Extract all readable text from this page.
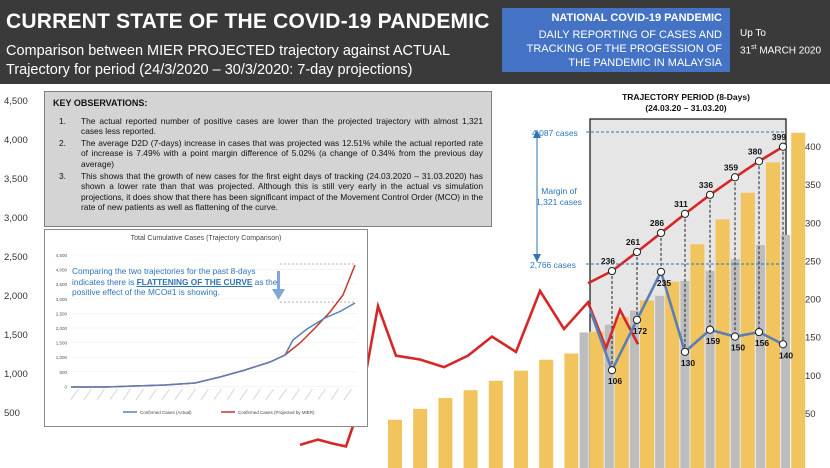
CURRENT STATE OF THE COVID-19 PANDEMIC
Comparison between MIER PROJECTED trajectory against ACTUAL
Trajectory for period (24/3/2020 – 30/3/2020: 7-day projections)
NATIONAL COVID-19 PANDEMIC
DAILY REPORTING OF CASES AND TRACKING OF THE PROGESSION OF THE PANDEMIC IN MALAYSIA
Up To
31st MARCH 2020
4,500
4,000
3,500
3,000
2,500
2,000
1,500
1,000
500
400
350
300
250
200
150
100
50
236
106
261
172
286
235
311
130
336
159
359
150
380
156
399
140
4,087 cases
2,766 cases
TRAJECTORY PERIOD (8-Days)
(24.03.20 – 31.03.20)
Margin of 1,321 cases
KEY OBSERVATIONS:
1. The actual reported number of positive cases are lower than the projected trajectory with almost 1,321 cases less reported.
2. The average D2D (7-days) increase in cases that was projected was 12.51% while the actual reported rate of increase is 7.49% with a point margin difference of 5.02% (a change of 0.34% from the previous day average)
3. This shows that the growth of new cases for the first eight days of tracking (24.03.2020 – 31.03.2020) has shown a lower rate than that was projected. Although this is still very early in the actual vs simulation projections, it does show that there has been significant impact of the Movement Control Order (MCO) in the rate of new patients as well as flattening of the curve.
Total Cumulative Cases (Trajectory Comparison)
4,500
4,000
3,500
3,000
2,500
2,000
1,500
1,000
500
0
Confirmed Cases (Actual)	Confirmed Cases (Projected by MIER)
Comparing the two trajectories for the past 8-days indicates there is FLATTENING OF THE CURVE as the positive effect of the MCO#1 is showing.
